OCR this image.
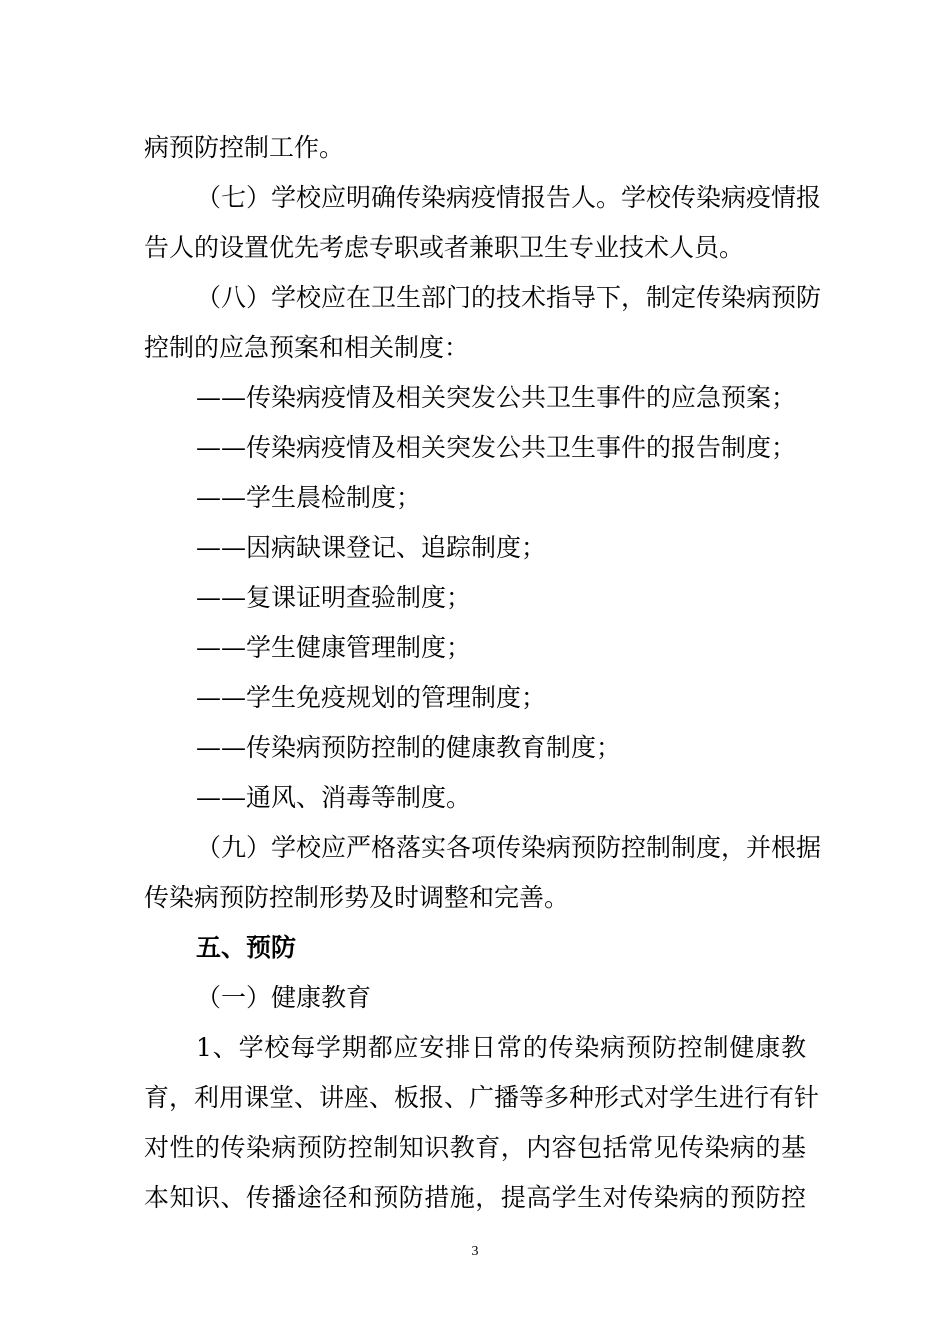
病预防控制工作。
（七）学校应明确传染病疫情报告人。学校传染病疫情报
告人的设置优先考虑专职或者兼职卫生专业技术人员。
（八）学校应在卫生部门的技术指导下，制定传染病预防
控制的应急预案和相关制度：
——传染病疫情及相关突发公共卫生事件的应急预案；
——传染病疫情及相关突发公共卫生事件的报告制度；
——学生晨检制度；
——因病缺课登记、追踪制度；
——复课证明查验制度；
——学生健康管理制度；
——学生免疫规划的管理制度；
——传染病预防控制的健康教育制度；
——通风、消毒等制度。
（九）学校应严格落实各项传染病预防控制制度，并根据
传染病预防控制形势及时调整和完善。
五、预防
（一）健康教育
1、学校每学期都应安排日常的传染病预防控制健康教
育，利用课堂、讲座、板报、广播等多种形式对学生进行有针
对性的传染病预防控制知识教育，内容包括常见传染病的基
本知识、传播途径和预防措施，提高学生对传染病的预防控
3
